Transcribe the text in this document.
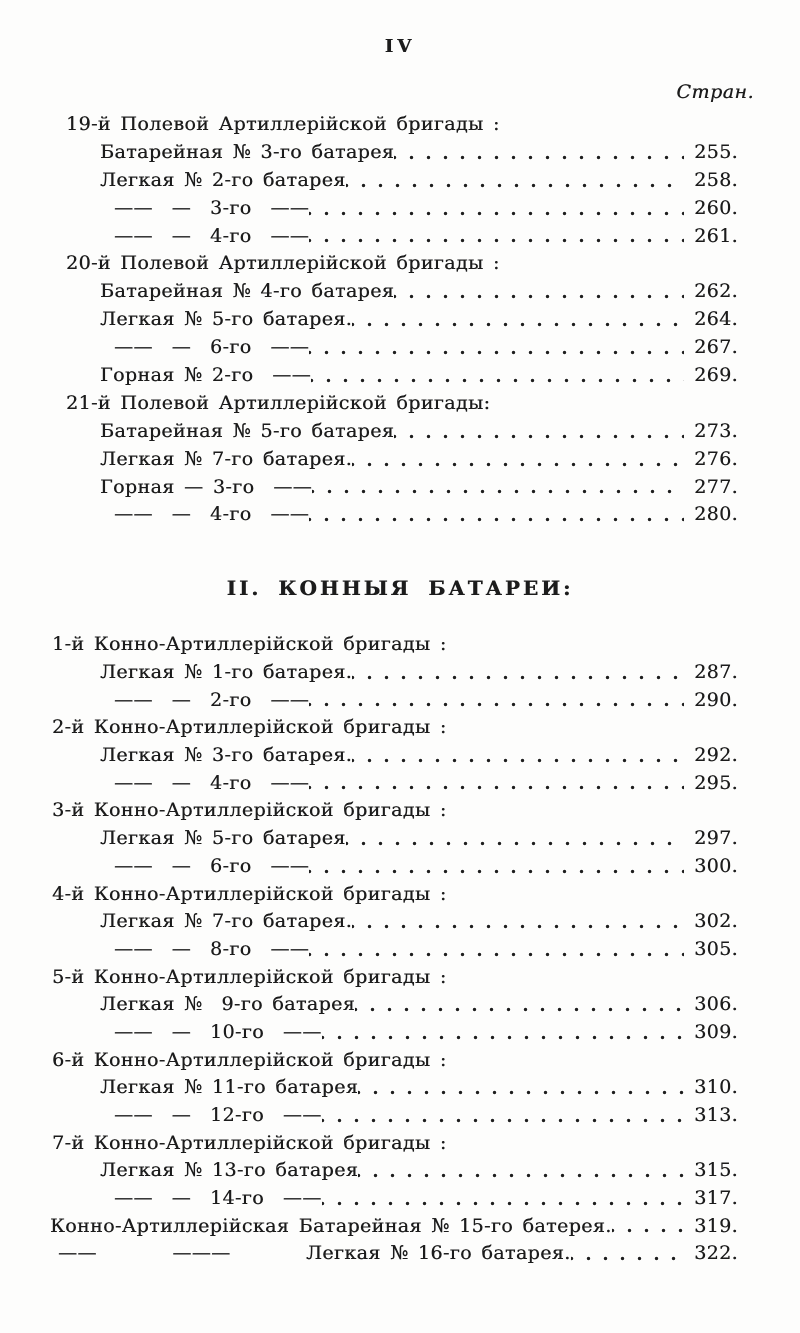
IV
Стран.
19-й Полевой Артиллерійской бригады :
Батарейная № 3-го батарея	255.
Легкая № 2-го батарея	258.
——  —  3-го  ——	260.
——  —  4-го  ——	261.
20-й Полевой Артиллерійской бригады :
Батарейная № 4-го батарея	262.
Легкая № 5-го батарея.	264.
——  —  6-го  ——	267.
Горная № 2-го  ——	269.
21-й Полевой Артиллерійской бригады:
Батарейная № 5-го батарея	273.
Легкая № 7-го батарея.	276.
Горная — 3-го  ——	277.
——  —  4-го  ——	280.
II. КОННЫЯ БАТАРЕИ:
1-й Конно-Артиллерійской бригады :
Легкая № 1-го батарея.	287.
——  —  2-го  ——	290.
2-й Конно-Артиллерійской бригады :
Легкая № 3-го батарея.	292.
——  —  4-го  ——	295.
3-й Конно-Артиллерійской бригады :
Легкая № 5-го батарея	297.
——  —  6-го  ——	300.
4-й Конно-Артиллерійской бригады :
Легкая № 7-го батарея.	302.
——  —  8-го  ——	305.
5-й Конно-Артиллерійской бригады :
Легкая №  9-го батарея	306.
——  —  10-го  ——	309.
6-й Конно-Артиллерійской бригады :
Легкая № 11-го батарея	310.
——  —  12-го  ——	313.
7-й Конно-Артиллерійской бригады :
Легкая № 13-го батарея	315.
——  —  14-го  ——	317.
Конно-Артиллерійская Батарейная № 15-го батерея.	319.
——        ———        Легкая № 16-го батарея.	322.
